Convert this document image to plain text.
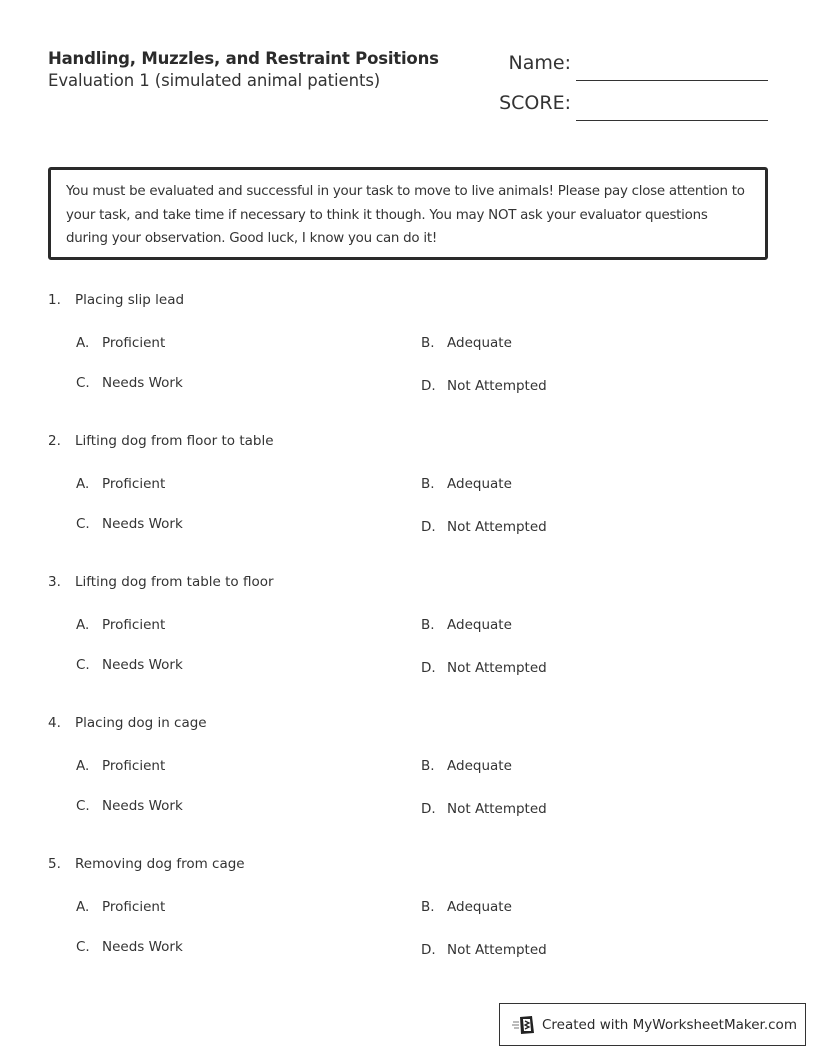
Handling, Muzzles, and Restraint Positions
Evaluation 1 (simulated animal patients)
Name:
SCORE:
You must be evaluated and successful in your task to move to live animals! Please pay close attention to your task, and take time if necessary to think it though. You may NOT ask your evaluator questions during your observation. Good luck, I know you can do it!
1. Placing slip lead
A. Proficient	B. Adequate
C. Needs Work	D. Not Attempted
2. Lifting dog from floor to table
A. Proficient	B. Adequate
C. Needs Work	D. Not Attempted
3. Lifting dog from table to floor
A. Proficient	B. Adequate
C. Needs Work	D. Not Attempted
4. Placing dog in cage
A. Proficient	B. Adequate
C. Needs Work	D. Not Attempted
5. Removing dog from cage
A. Proficient	B. Adequate
C. Needs Work	D. Not Attempted
Created with MyWorksheetMaker.com
